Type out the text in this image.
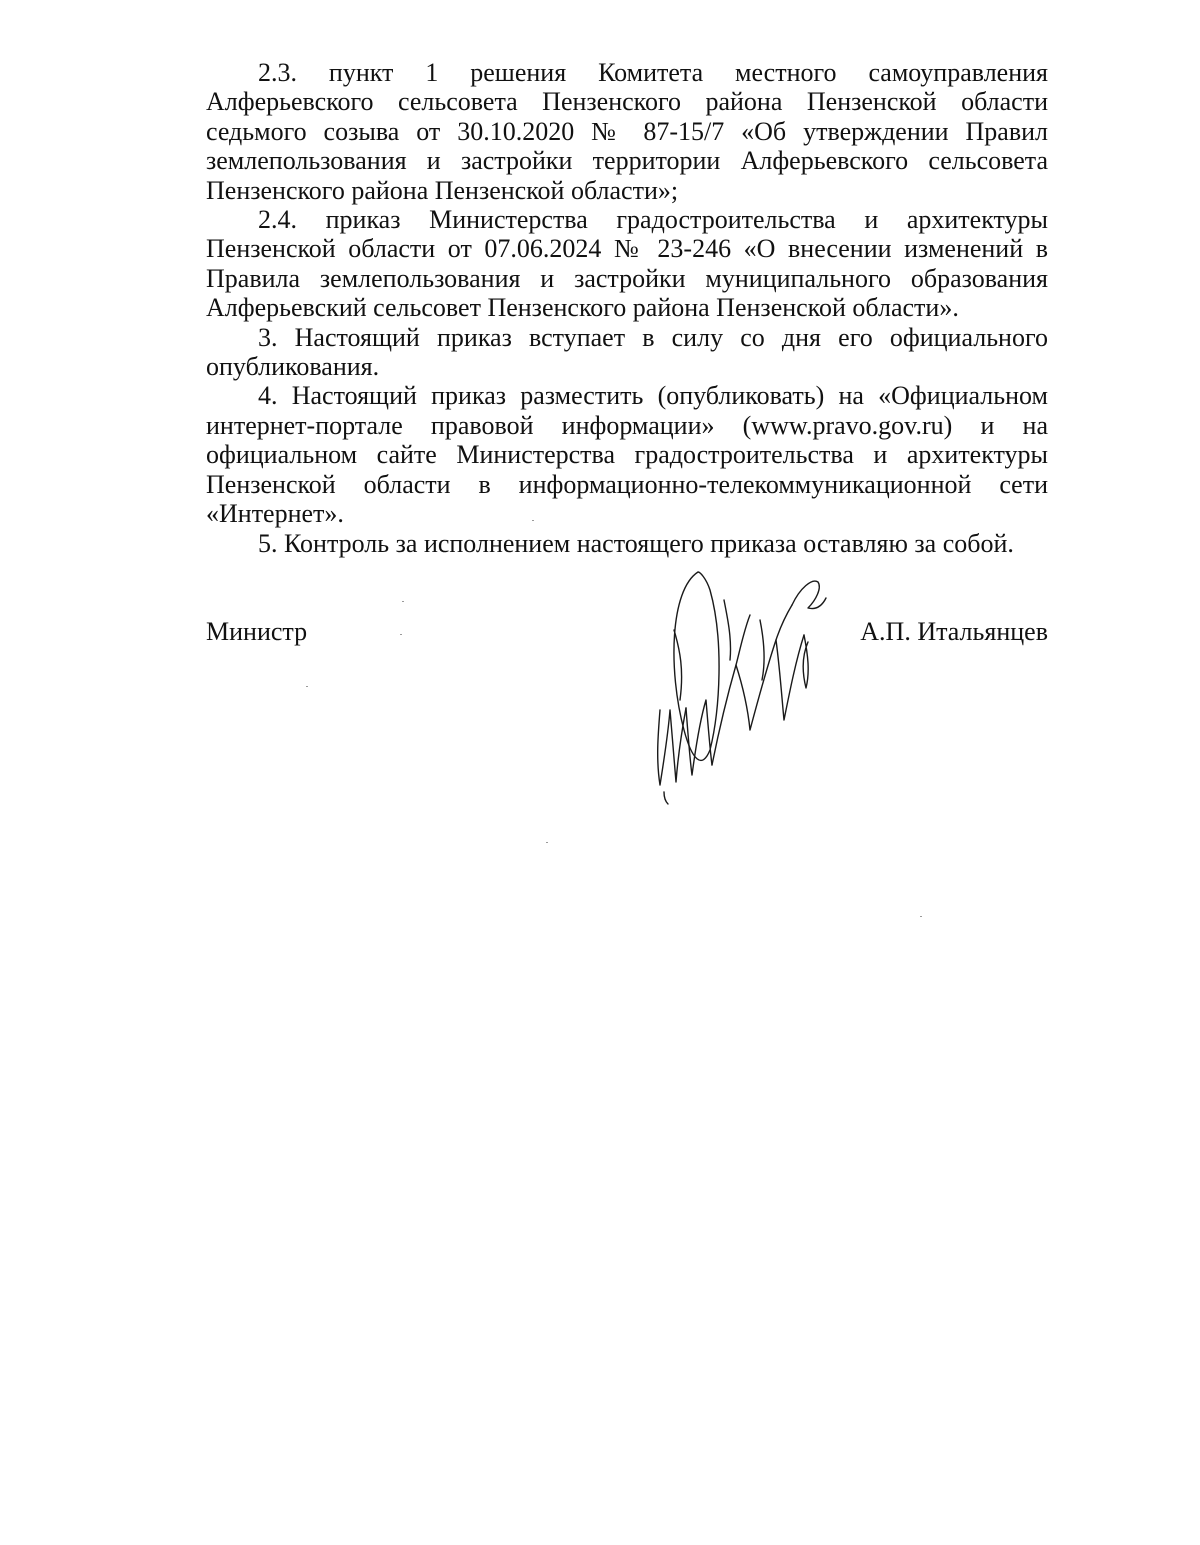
2.3. пункт 1 решения Комитета местного самоуправления Алферьевского сельсовета Пензенского района Пензенской области седьмого созыва от 30.10.2020 № 87-15/7 «Об утверждении Правил землепользования и застройки территории Алферьевского сельсовета Пензенского района Пензенской области»;

2.4. приказ Министерства градостроительства и архитектуры Пензенской области от 07.06.2024 № 23-246 «О внесении изменений в Правила землепользования и застройки муниципального образования Алферьевский сельсовет Пензенского района Пензенской области».

3. Настоящий приказ вступает в силу со дня его официального опубликования.

4. Настоящий приказ разместить (опубликовать) на «Официальном интернет-портале правовой информации» (www.pravo.gov.ru) и на официальном сайте Министерства градостроительства и архитектуры Пензенской области в информационно-телекоммуникационной сети «Интернет».

5. Контроль за исполнением настоящего приказа оставляю за собой.

Министр	А.П. Итальянцев
